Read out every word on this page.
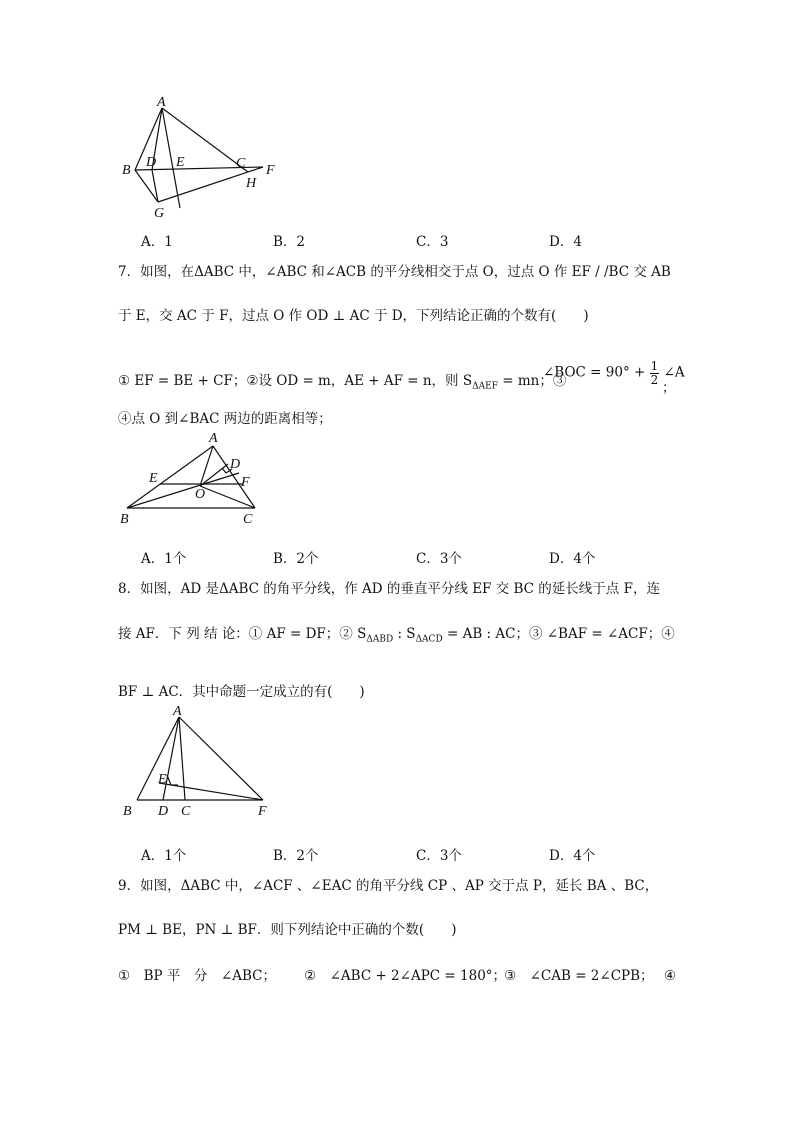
A
B
D E	C F
H
G
A．1	B．2	C．3	D．4
7．如图，在ΔABC 中，∠ABC 和∠ACB 的平分线相交于点 O，过点 O 作 EF / /BC 交 AB
于 E，交 AC 于 F，过点 O 作 OD ⊥ AC 于 D，下列结论正确的个数有(　　)
① EF = BE + CF；②设 OD = m，AE + AF = n，则 $S_{\Delta AEF}$ = mn；③
∠BOC = $90^\circ + \frac{1}{2}$ ∠A
；
④点 O 到∠BAC 两边的距离相等；
A
D
E	F
O
B	C
A．1个	B．2个	C．3个	D．4个
8．如图，AD 是ΔABC 的角平分线，作 AD 的垂直平分线 EF 交 BC 的延长线于点 F，连
接 AF．下 列 结 论：① AF = DF；② $S_{\Delta ABD}$ : $S_{\Delta ACD}$ = AB : AC；③ ∠BAF = ∠ACF；④
BF ⊥ AC．其中命题一定成立的有(　　)
A
E
B D C	F
A．1个	B．2个	C．3个	D．4个
9．如图，ΔABC 中，∠ACF 、∠EAC 的角平分线 CP 、AP 交于点 P，延长 BA 、BC，
PM ⊥ BE，PN ⊥ BF．则下列结论中正确的个数(　　)
①　BP 平　分　∠ABC； ②　∠ABC + 2∠APC = 180°；
③　∠CAB = 2∠CPB； ④
